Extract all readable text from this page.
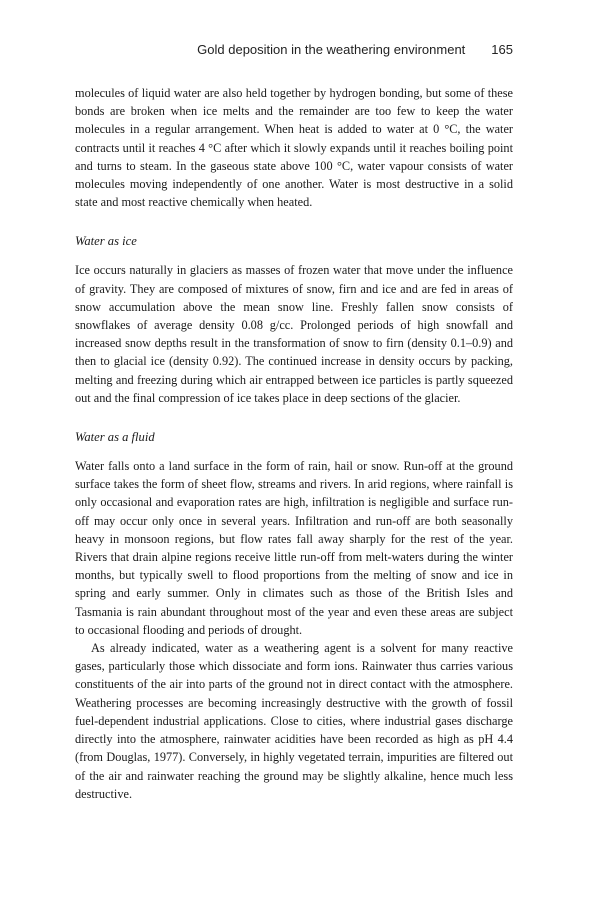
Gold deposition in the weathering environment 165

molecules of liquid water are also held together by hydrogen bonding, but some of these bonds are broken when ice melts and the remainder are too few to keep the water molecules in a regular arrangement. When heat is added to water at 0 °C, the water contracts until it reaches 4 °C after which it slowly expands until it reaches boiling point and turns to steam. In the gaseous state above 100 °C, water vapour consists of water molecules moving independently of one another. Water is most destructive in a solid state and most reactive chemically when heated.

Water as ice

Ice occurs naturally in glaciers as masses of frozen water that move under the influence of gravity. They are composed of mixtures of snow, firn and ice and are fed in areas of snow accumulation above the mean snow line. Freshly fallen snow consists of snowflakes of average density 0.08 g/cc. Prolonged periods of high snowfall and increased snow depths result in the transformation of snow to firn (density 0.1–0.9) and then to glacial ice (density 0.92). The continued increase in density occurs by packing, melting and freezing during which air entrapped between ice particles is partly squeezed out and the final compression of ice takes place in deep sections of the glacier.

Water as a fluid

Water falls onto a land surface in the form of rain, hail or snow. Run-off at the ground surface takes the form of sheet flow, streams and rivers. In arid regions, where rainfall is only occasional and evaporation rates are high, infiltration is negligible and surface run-off may occur only once in several years. Infiltration and run-off are both seasonally heavy in monsoon regions, but flow rates fall away sharply for the rest of the year. Rivers that drain alpine regions receive little run-off from melt-waters during the winter months, but typically swell to flood proportions from the melting of snow and ice in spring and early summer. Only in climates such as those of the British Isles and Tasmania is rain abundant throughout most of the year and even these areas are subject to occasional flooding and periods of drought.

As already indicated, water as a weathering agent is a solvent for many reactive gases, particularly those which dissociate and form ions. Rainwater thus carries various constituents of the air into parts of the ground not in direct contact with the atmosphere. Weathering processes are becoming increasingly destructive with the growth of fossil fuel-dependent industrial applications. Close to cities, where industrial gases discharge directly into the atmosphere, rainwater acidities have been recorded as high as pH 4.4 (from Douglas, 1977). Conversely, in highly vegetated terrain, impurities are filtered out of the air and rainwater reaching the ground may be slightly alkaline, hence much less destructive.
